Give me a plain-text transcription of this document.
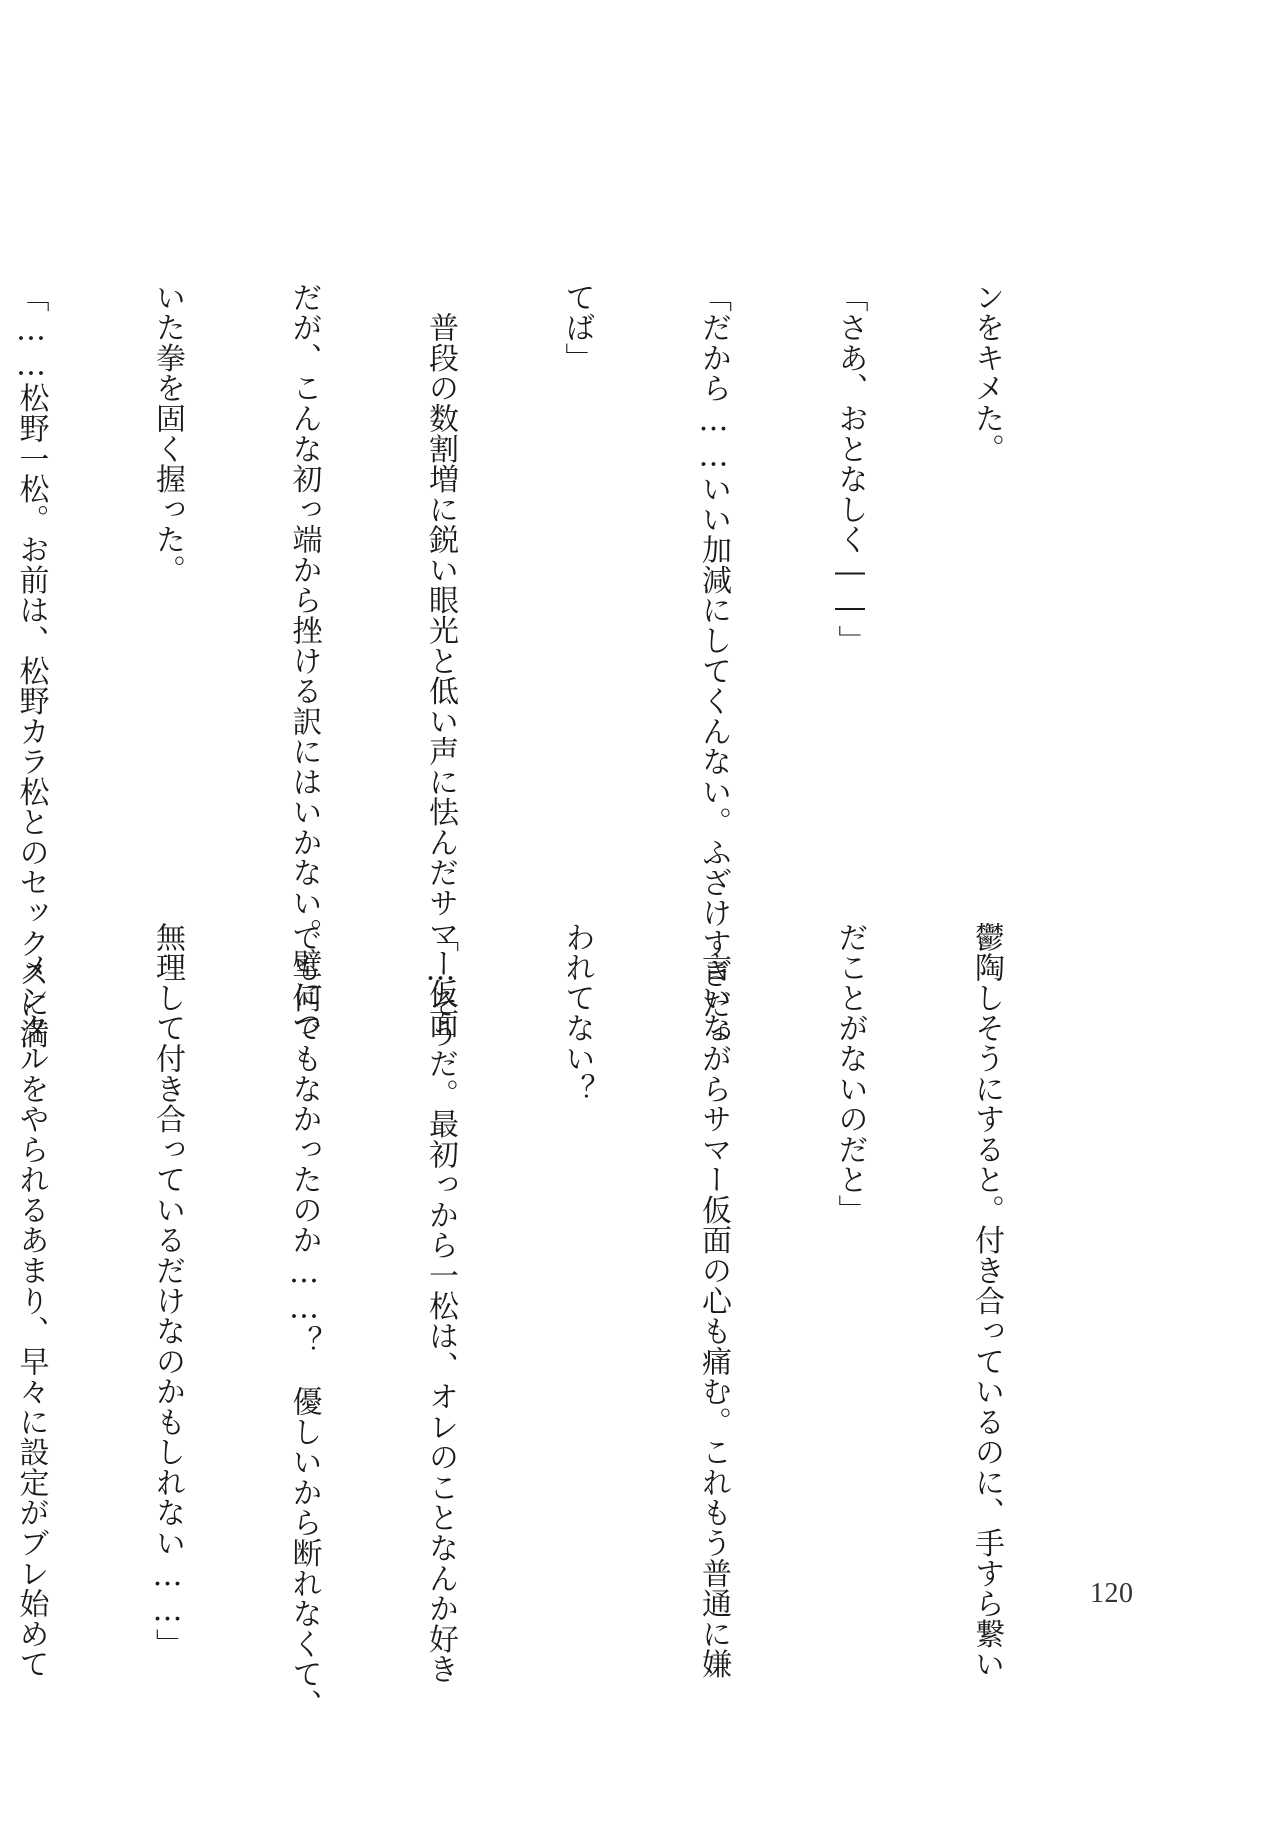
ンをキメた。

「さあ、おとなしく――」

「だから……いい加減にしてくんない。ふざけすぎだっ

てば」

　普段の数割増に鋭い眼光と低い声に怯んだサマー仮面

だが、こんな初っ端から挫ける訳にはいかない。壁につ

いた拳を固く握った。

「……松野一松。お前は、松野カラ松とのセックスに満

鬱陶しそうにすると。付き合っているのに、手すら繋い

だことがないのだと」

　言いながらサマー仮面の心も痛む。これもう普通に嫌

われてない？

「…そうだ。最初っから一松は、オレのことなんか好き

でも何でもなかったのか……？　優しいから断れなくて、

無理して付き合っているだけなのかもしれない……」

　メンタルをやられるあまり、早々に設定がブレ始めて

	120
